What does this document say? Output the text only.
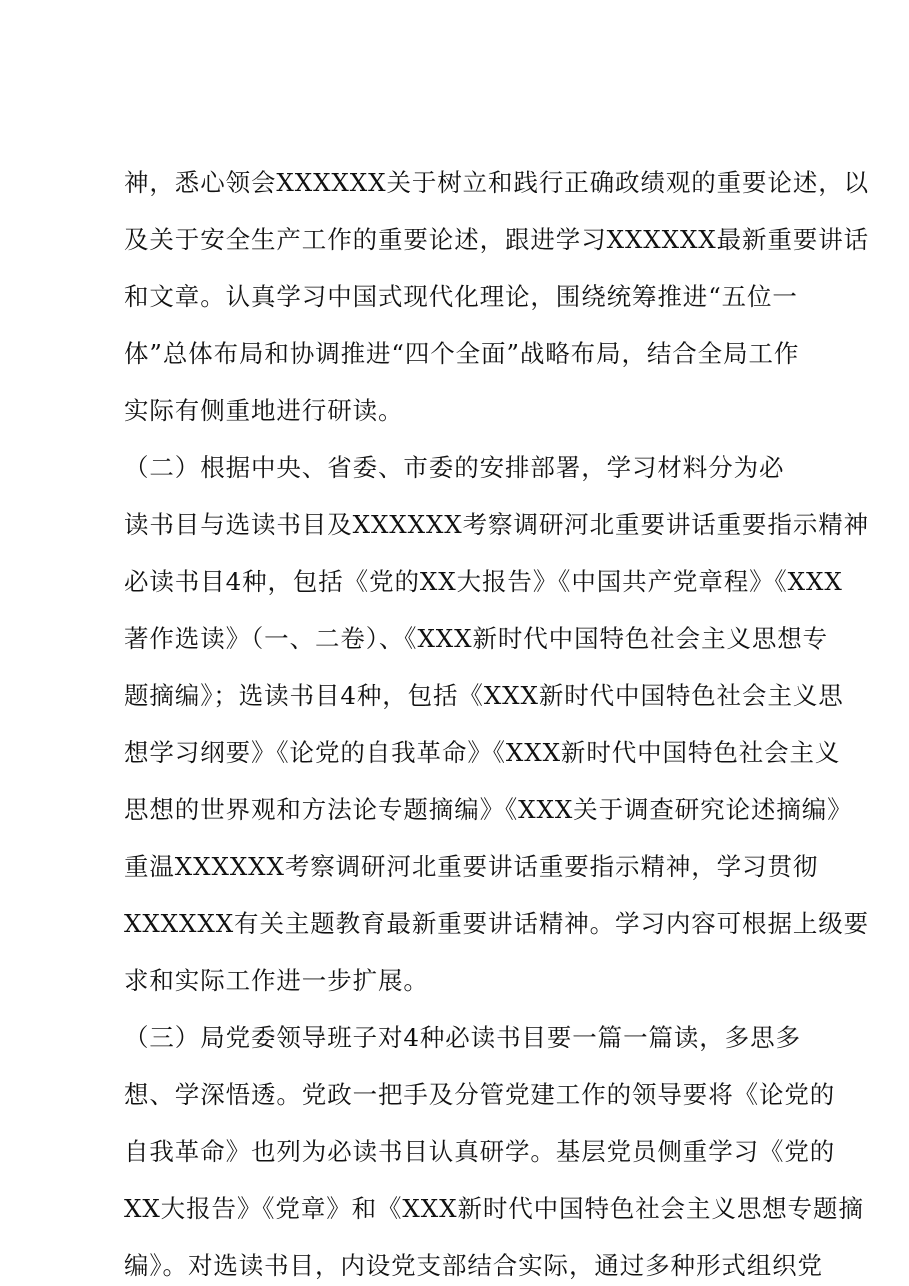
神，悉心领会XXXXXX关于树立和践行正确政绩观的重要论述，以
及关于安全生产工作的重要论述，跟进学习XXXXXX最新重要讲话
和文章。认真学习中国式现代化理论，围绕统筹推进“五位一
体”总体布局和协调推进“四个全面”战略布局，结合全局工作
实际有侧重地进行研读。
（二）根据中央、省委、市委的安排部署，学习材料分为必
读书目与选读书目及XXXXXX考察调研河北重要讲话重要指示精神
必读书目4种，包括《党的XX大报告》《中国共产党章程》《XXX
著作选读》（一、二卷）、《XXX新时代中国特色社会主义思想专
题摘编》；选读书目4种，包括《XXX新时代中国特色社会主义思
想学习纲要》《论党的自我革命》《XXX新时代中国特色社会主义
思想的世界观和方法论专题摘编》《XXX关于调查研究论述摘编》
重温XXXXXX考察调研河北重要讲话重要指示精神，学习贯彻
XXXXXX有关主题教育最新重要讲话精神。学习内容可根据上级要
求和实际工作进一步扩展。
（三）局党委领导班子对4种必读书目要一篇一篇读，多思多
想、学深悟透。党政一把手及分管党建工作的领导要将《论党的
自我革命》也列为必读书目认真研学。基层党员侧重学习《党的
XX大报告》《党章》和《XXX新时代中国特色社会主义思想专题摘
编》。对选读书目，内设党支部结合实际，通过多种形式组织党
